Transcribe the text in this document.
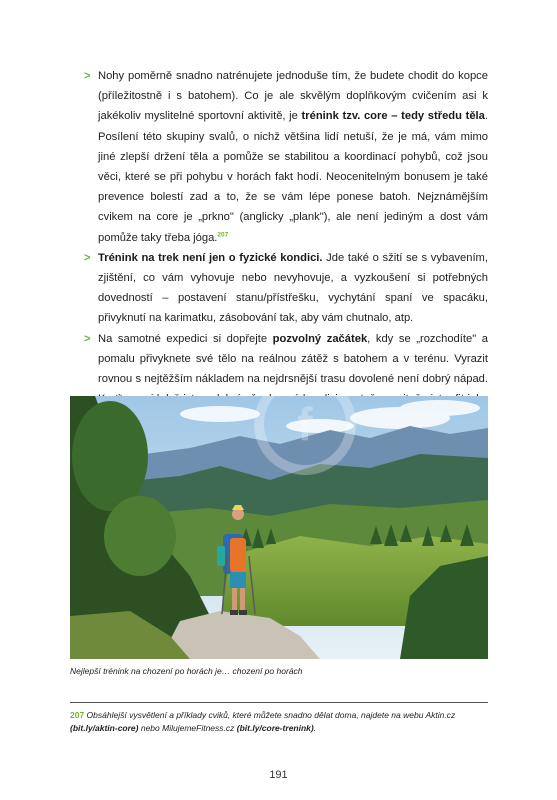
> Nohy poměrně snadno natrénujete jednoduše tím, že budete chodit do kopce (příležitostně i s batohem). Co je ale skvělým doplňkovým cvičením asi k jakékoliv myslitelné sportovní aktivitě, je trénink tzv. core – tedy středu těla. Posílení této skupiny svalů, o nichž většina lidí netuší, že je má, vám mimo jiné zlepší držení těla a pomůže se stabilitou a koordinací pohybů, což jsou věci, které se při pohybu v horách fakt hodí. Neocenitelným bonusem je také prevence bolestí zad a to, že se vám lépe ponese batoh. Nejznámějším cvikem na core je „prkno" (anglicky „plank"), ale není jediným a dost vám pomůže taky třeba jóga.$^{207}$
> Trénink na trek není jen o fyzické kondici. Jde také o sžití se s vybavením, zjištění, co vám vyhovuje nebo nevyhovuje, a vyzkoušení si potřebných dovedností – postavení stanu/přístřešku, vychytání spaní ve spacáku, přivyknutí na karimatku, zásobování tak, aby vám chutnalo, atp.
> Na samotné expedici si dopřejte pozvolný začátek, kdy se „rozchodíte" a pomalu přivyknete své tělo na reálnou zátěž s batohem a v terénu. Vyrazit rovnou s nejtěžším nákladem na nejdrsnější trasu dovolené není dobrý nápad.
f
Nejlepší trénink na chození po horách je… chození po horách
207 Obsáhlejší vysvětlení a příklady cviků, které můžete snadno dělat doma, najdete na webu Aktin.cz (bit.ly/aktin-core) nebo MilujemeFitness.cz (bit.ly/core-trenink).
191
